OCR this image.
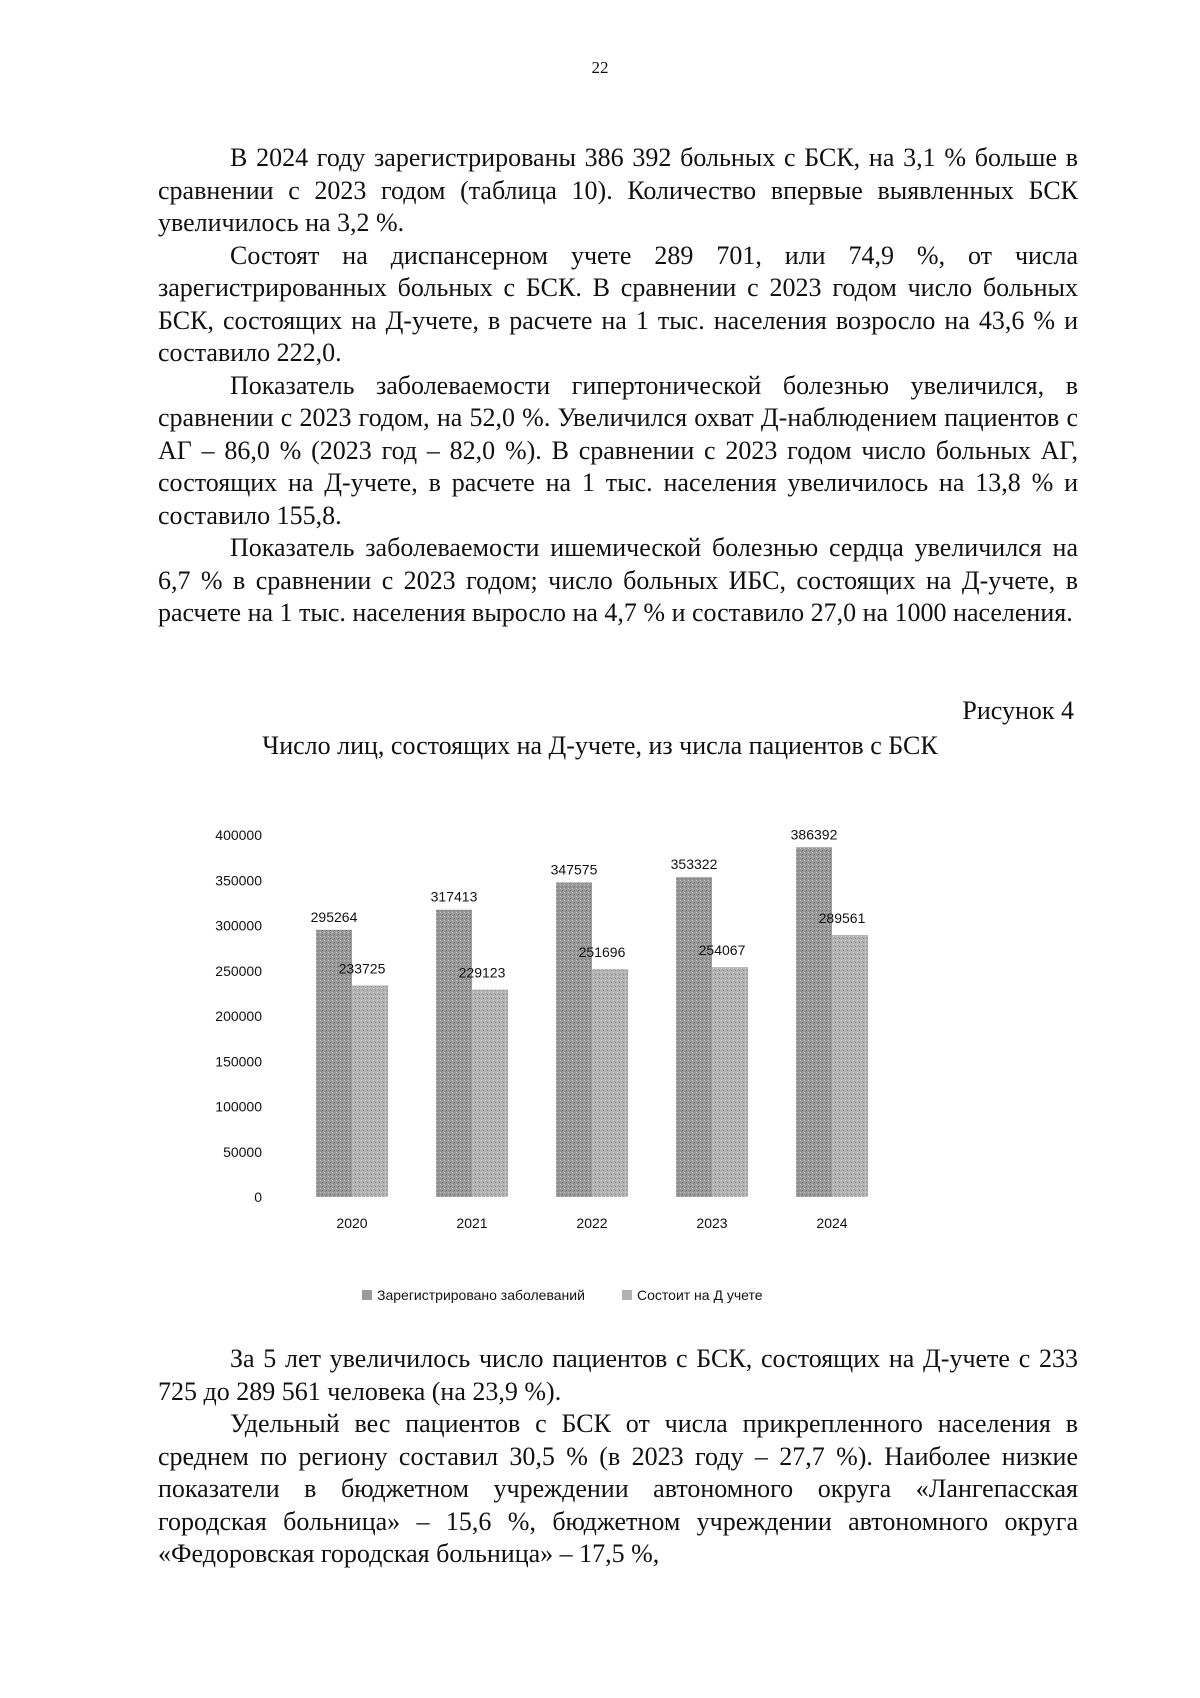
22

В 2024 году зарегистрированы 386 392 больных с БСК, на 3,1 % больше в сравнении с 2023 годом (таблица 10). Количество впервые выявленных БСК увеличилось на 3,2 %.

Состоят на диспансерном учете 289 701, или 74,9 %, от числа зарегистрированных больных с БСК. В сравнении с 2023 годом число больных БСК, состоящих на Д-учете, в расчете на 1 тыс. населения возросло на 43,6 % и составило 222,0.

Показатель заболеваемости гипертонической болезнью увеличился, в сравнении с 2023 годом, на 52,0 %. Увеличился охват Д-наблюдением пациентов с АГ – 86,0 % (2023 год – 82,0 %). В сравнении с 2023 годом число больных АГ, состоящих на Д-учете, в расчете на 1 тыс. населения увеличилось на 13,8 % и составило 155,8.

Показатель заболеваемости ишемической болезнью сердца увеличился на 6,7 % в сравнении с 2023 годом; число больных ИБС, состоящих на Д-учете, в расчете на 1 тыс. населения выросло на 4,7 % и составило 27,0 на 1000 населения.

Рисунок 4
Число лиц, состоящих на Д-учете, из числа пациентов с БСК
0
50000
100000
150000
200000
250000
300000
350000
400000
295264
233725
317413
229123
347575
251696
353322
254067
386392
289561
2020	2021	2022	2023	2024

За 5 лет увеличилось число пациентов с БСК, состоящих на Д-учете с 233 725 до 289 561 человека (на 23,9 %).

Удельный вес пациентов с БСК от числа прикрепленного населения в среднем по региону составил 30,5 % (в 2023 году – 27,7 %). Наиболее низкие показатели в бюджетном учреждении автономного округа «Лангепасская городская больница» – 15,6 %, бюджетном учреждении автономного округа «Федоровская городская больница» – 17,5 %,

Зарегистрировано заболеваний	Состоит на Д учете
